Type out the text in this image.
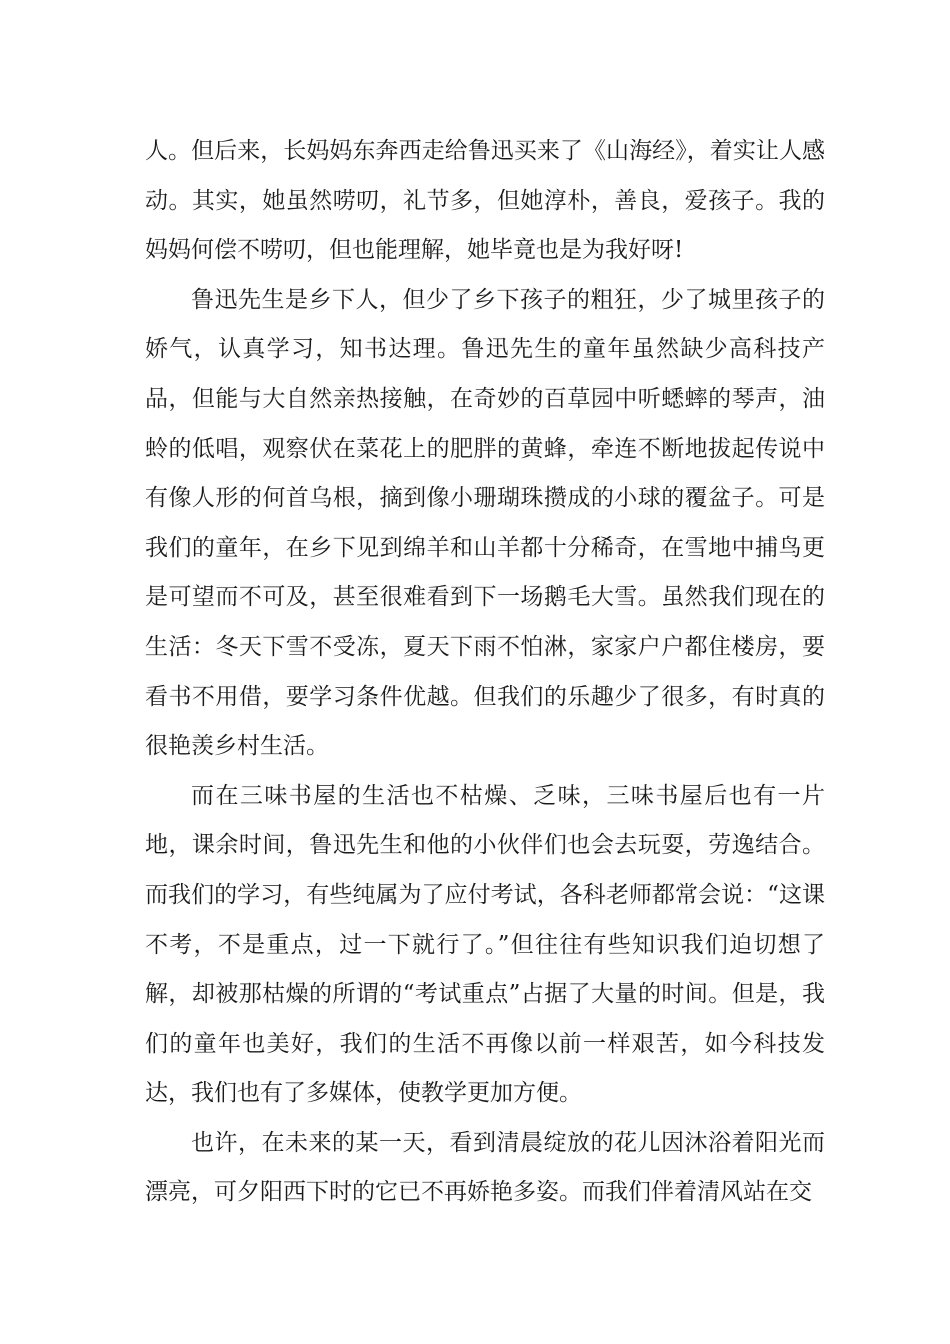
人。但后来，长妈妈东奔西走给鲁迅买来了《山海经》，着实让人感动。其实，她虽然唠叨，礼节多，但她淳朴，善良，爱孩子。我的妈妈何偿不唠叨，但也能理解，她毕竟也是为我好呀!

鲁迅先生是乡下人，但少了乡下孩子的粗狂，少了城里孩子的娇气，认真学习，知书达理。鲁迅先生的童年虽然缺少高科技产品，但能与大自然亲热接触，在奇妙的百草园中听蟋蟀的琴声，油蛉的低唱，观察伏在菜花上的肥胖的黄蜂，牵连不断地拔起传说中有像人形的何首乌根，摘到像小珊瑚珠攒成的小球的覆盆子。可是我们的童年，在乡下见到绵羊和山羊都十分稀奇，在雪地中捕鸟更是可望而不可及，甚至很难看到下一场鹅毛大雪。虽然我们现在的生活：冬天下雪不受冻，夏天下雨不怕淋，家家户户都住楼房，要看书不用借，要学习条件优越。但我们的乐趣少了很多，有时真的很艳羡乡村生活。

而在三味书屋的生活也不枯燥、乏味，三味书屋后也有一片地，课余时间，鲁迅先生和他的小伙伴们也会去玩耍，劳逸结合。而我们的学习，有些纯属为了应付考试，各科老师都常会说：“这课不考，不是重点，过一下就行了。”但往往有些知识我们迫切想了解，却被那枯燥的所谓的“考试重点”占据了大量的时间。但是，我们的童年也美好，我们的生活不再像以前一样艰苦，如今科技发达，我们也有了多媒体，使教学更加方便。

也许，在未来的某一天，看到清晨绽放的花儿因沐浴着阳光而漂亮，可夕阳西下时的它已不再娇艳多姿。而我们伴着清风站在交
